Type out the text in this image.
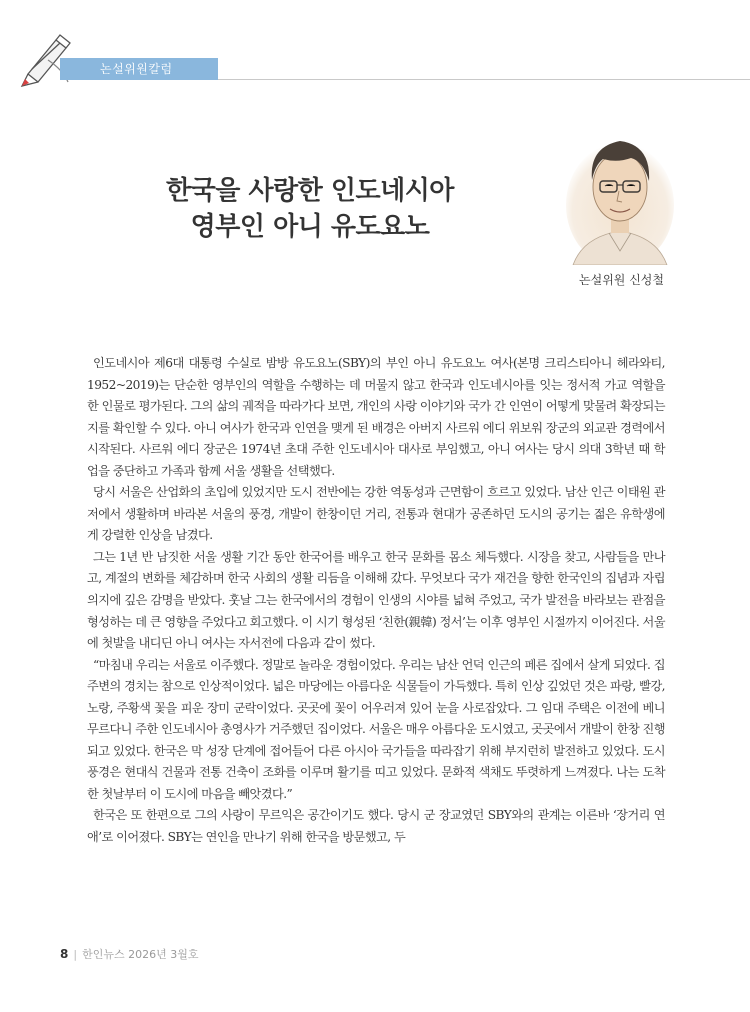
논설위원칼럼
한국을 사랑한 인도네시아
영부인 아니 유도요노
논설위원 신성철

인도네시아 제6대 대통령 수실로 밤방 유도요노(SBY)의 부인 아니 유도요노 여사(본명 크리스티아니 헤라와티, 1952~2019)는 단순한 영부인의 역할을 수행하는 데 머물지 않고 한국과 인도네시아를 잇는 정서적 가교 역할을 한 인물로 평가된다. 그의 삶의 궤적을 따라가다 보면, 개인의 사랑 이야기와 국가 간 인연이 어떻게 맞물려 확장되는지를 확인할 수 있다. 아니 여사가 한국과 인연을 맺게 된 배경은 아버지 사르워 에디 위보워 장군의 외교관 경력에서 시작된다. 사르워 에디 장군은 1974년 초대 주한 인도네시아 대사로 부임했고, 아니 여사는 당시 의대 3학년 때 학업을 중단하고 가족과 함께 서울 생활을 선택했다.

당시 서울은 산업화의 초입에 있었지만 도시 전반에는 강한 역동성과 근면함이 흐르고 있었다. 남산 인근 이태원 관저에서 생활하며 바라본 서울의 풍경, 개발이 한창이던 거리, 전통과 현대가 공존하던 도시의 공기는 젊은 유학생에게 강렬한 인상을 남겼다.

그는 1년 반 남짓한 서울 생활 기간 동안 한국어를 배우고 한국 문화를 몸소 체득했다. 시장을 찾고, 사람들을 만나고, 계절의 변화를 체감하며 한국 사회의 생활 리듬을 이해해 갔다. 무엇보다 국가 재건을 향한 한국인의 집념과 자립 의지에 깊은 감명을 받았다. 훗날 그는 한국에서의 경험이 인생의 시야를 넓혀 주었고, 국가 발전을 바라보는 관점을 형성하는 데 큰 영향을 주었다고 회고했다. 이 시기 형성된 ‘친한(親韓) 정서’는 이후 영부인 시절까지 이어진다. 서울에 첫발을 내디딘 아니 여사는 자서전에 다음과 같이 썼다.

“마침내 우리는 서울로 이주했다. 정말로 놀라운 경험이었다. 우리는 남산 언덕 인근의 페른 집에서 살게 되었다. 집 주변의 경치는 참으로 인상적이었다. 넓은 마당에는 아름다운 식물들이 가득했다. 특히 인상 깊었던 것은 파랑, 빨강, 노랑, 주황색 꽃을 피운 장미 군락이었다. 곳곳에 꽃이 어우러져 있어 눈을 사로잡았다. 그 임대 주택은 이전에 베니 무르다니 주한 인도네시아 총영사가 거주했던 집이었다. 서울은 매우 아름다운 도시였고, 곳곳에서 개발이 한창 진행되고 있었다. 한국은 막 성장 단계에 접어들어 다른 아시아 국가들을 따라잡기 위해 부지런히 발전하고 있었다. 도시 풍경은 현대식 건물과 전통 건축이 조화를 이루며 활기를 띠고 있었다. 문화적 색채도 뚜렷하게 느껴졌다. 나는 도착한 첫날부터 이 도시에 마음을 빼앗겼다.”

한국은 또 한편으로 그의 사랑이 무르익은 공간이기도 했다. 당시 군 장교였던 SBY와의 관계는 이른바 ‘장거리 연애’로 이어졌다. SBY는 연인을 만나기 위해 한국을 방문했고, 두

8 | 한인뉴스 2026년 3월호
